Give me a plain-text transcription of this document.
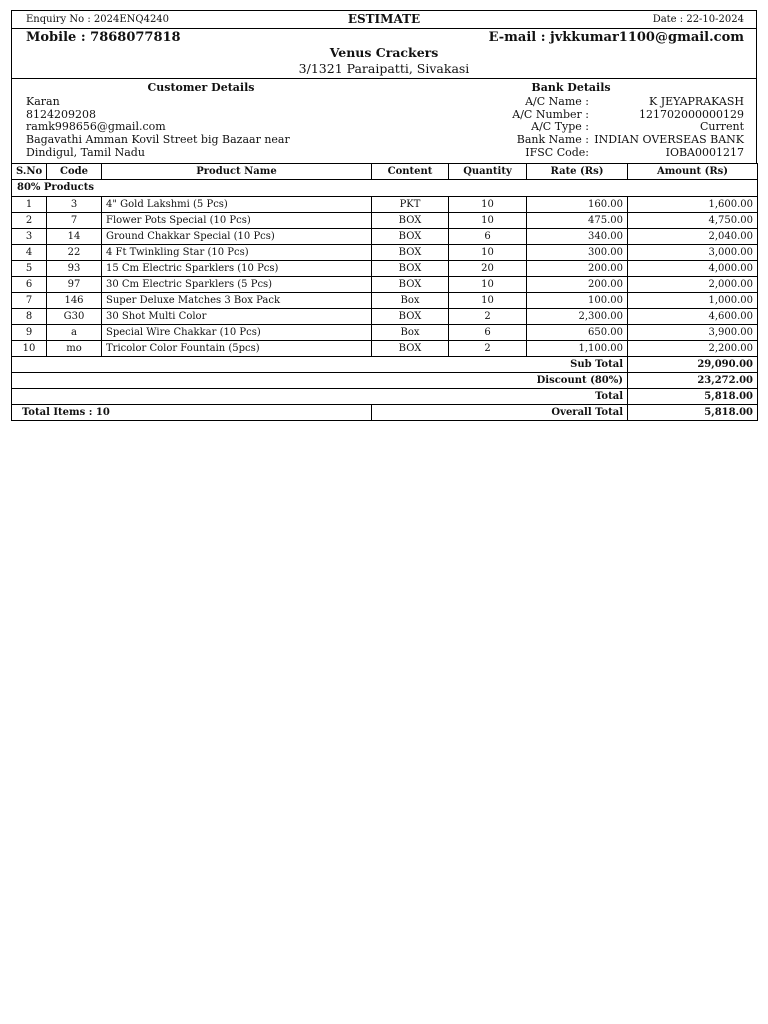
Enquiry No : 2024ENQ4240	ESTIMATE	Date : 22-10-2024
Mobile : 7868077818	E-mail : jvkkumar1100@gmail.com
Venus Crackers
3/1321 Paraipatti, Sivakasi
Customer Details	Bank Details
Karan
8124209208
ramk998656@gmail.com
Bagavathi Amman Kovil Street big Bazaar near
Dindigul, Tamil Nadu
A/C Name :	K JEYAPRAKASH
A/C Number :	121702000000129
A/C Type :	Current
Bank Name : INDIAN OVERSEAS BANK
IFSC Code:	IOBA0001217
S.No	Code	Product Name	Content	Quantity	Rate (Rs)	Amount (Rs)
80% Products						
1	3	4" Gold Lakshmi (5 Pcs)	PKT	10	160.00	1,600.00
2	7	Flower Pots Special (10 Pcs)	BOX	10	475.00	4,750.00
3	14	Ground Chakkar Special (10 Pcs)	BOX	6	340.00	2,040.00
4	22	4 Ft Twinkling Star (10 Pcs)	BOX	10	300.00	3,000.00
5	93	15 Cm Electric Sparklers (10 Pcs)	BOX	20	200.00	4,000.00
6	97	30 Cm Electric Sparklers (5 Pcs)	BOX	10	200.00	2,000.00
7	146	Super Deluxe Matches 3 Box Pack	Box	10	100.00	1,000.00
8	G30	30 Shot Multi Color	BOX	2	2,300.00	4,600.00
9	a	Special Wire Chakkar (10 Pcs)	Box	6	650.00	3,900.00
10	mo	Tricolor Color Fountain (5pcs)	BOX	2	1,100.00	2,200.00
	Sub Total	29,090.00
	Discount (80%)	23,272.00
	Total	5,818.00
Total Items : 10	Overall Total	5,818.00
